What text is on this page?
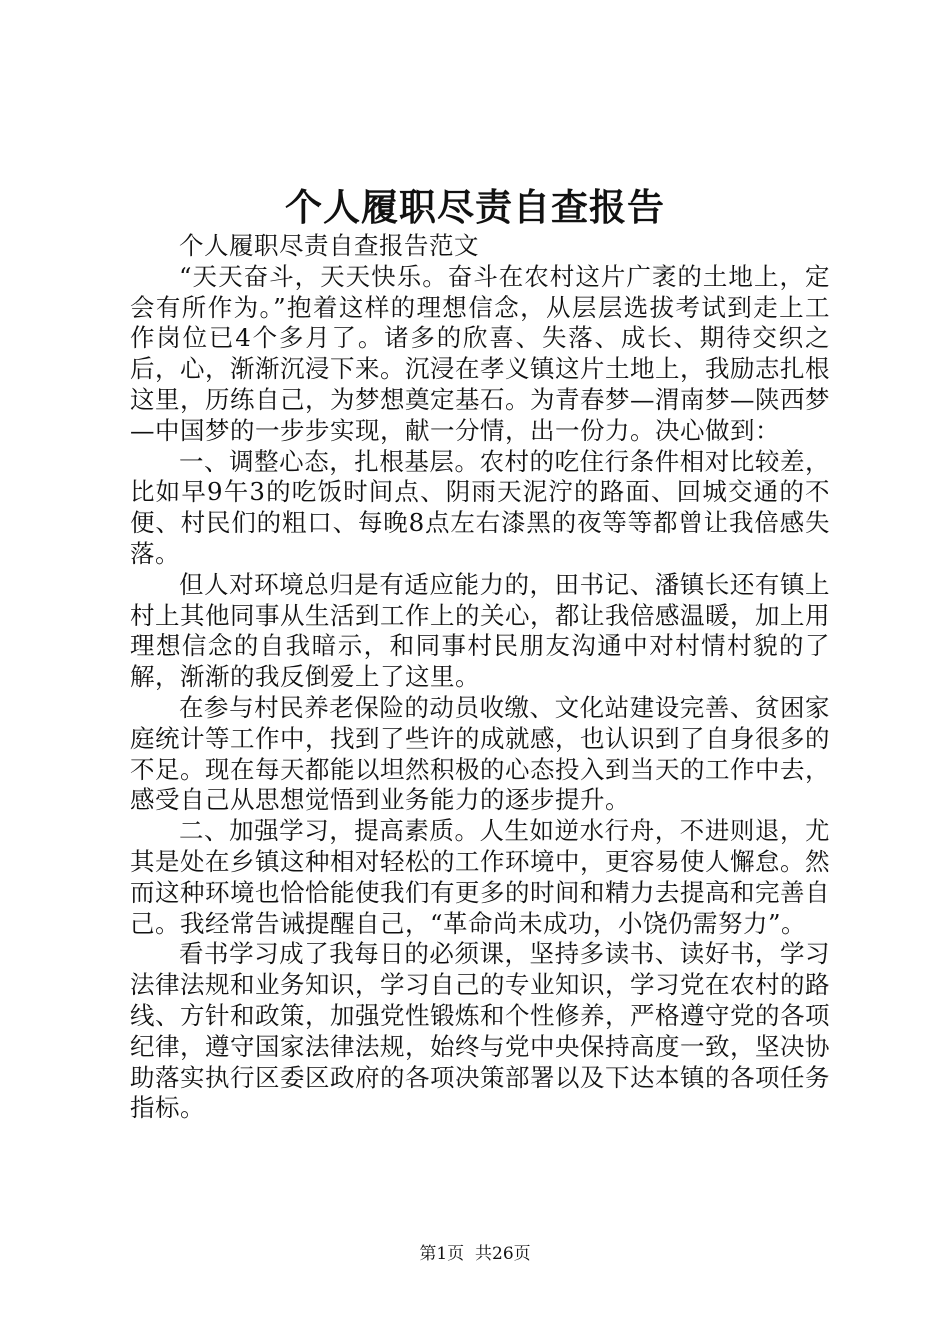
个人履职尽责自查报告

个人履职尽责自查报告范文

“天天奋斗，天天快乐。奋斗在农村这片广袤的土地上，定会有所作为。”抱着这样的理想信念，从层层选拔考试到走上工作岗位已4个多月了。诸多的欣喜、失落、成长、期待交织之后，心，渐渐沉浸下来。沉浸在孝义镇这片土地上，我励志扎根这里，历练自己，为梦想奠定基石。为青春梦—渭南梦—陕西梦—中国梦的一步步实现，献一分情，出一份力。决心做到：

一、调整心态，扎根基层。农村的吃住行条件相对比较差，比如早9午3的吃饭时间点、阴雨天泥泞的路面、回城交通的不便、村民们的粗口、每晚8点左右漆黑的夜等等都曾让我倍感失落。

但人对环境总归是有适应能力的，田书记、潘镇长还有镇上村上其他同事从生活到工作上的关心，都让我倍感温暖，加上用理想信念的自我暗示，和同事村民朋友沟通中对村情村貌的了解，渐渐的我反倒爱上了这里。

在参与村民养老保险的动员收缴、文化站建设完善、贫困家庭统计等工作中，找到了些许的成就感，也认识到了自身很多的不足。现在每天都能以坦然积极的心态投入到当天的工作中去，感受自己从思想觉悟到业务能力的逐步提升。

二、加强学习，提高素质。人生如逆水行舟，不进则退，尤其是处在乡镇这种相对轻松的工作环境中，更容易使人懈怠。然而这种环境也恰恰能使我们有更多的时间和精力去提高和完善自己。我经常告诫提醒自己，“革命尚未成功，小饶仍需努力”。

看书学习成了我每日的必须课，坚持多读书、读好书，学习法律法规和业务知识，学习自己的专业知识，学习党在农村的路线、方针和政策，加强党性锻炼和个性修养，严格遵守党的各项纪律，遵守国家法律法规，始终与党中央保持高度一致，坚决协助落实执行区委区政府的各项决策部署以及下达本镇的各项任务指标。

第1页 共26页
